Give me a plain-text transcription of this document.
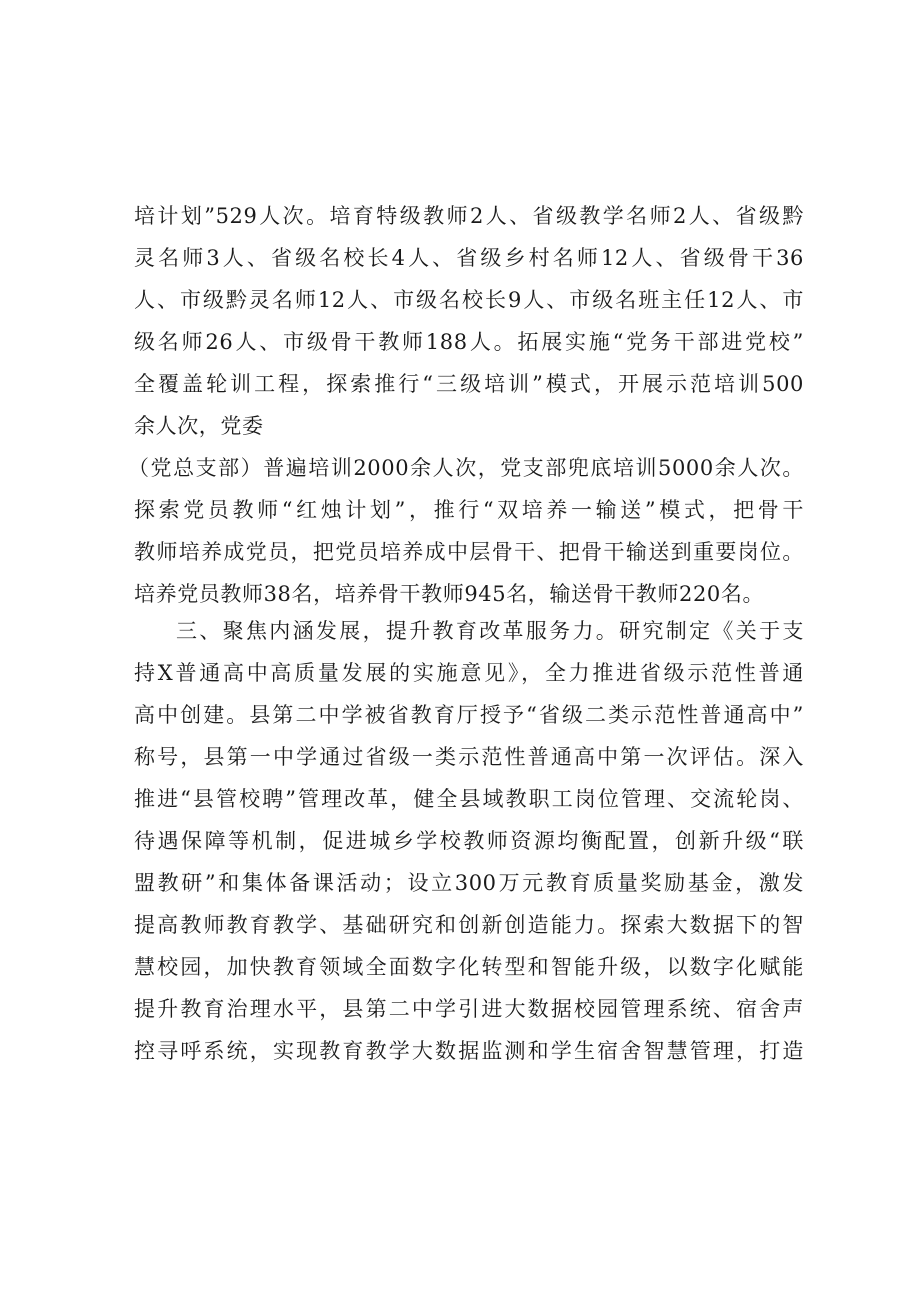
培计划”529人次。培育特级教师2人、省级教学名师2人、省级黔
灵名师3人、省级名校长4人、省级乡村名师12人、省级骨干36
人、市级黔灵名师12人、市级名校长9人、市级名班主任12人、市
级名师26人、市级骨干教师188人。拓展实施“党务干部进党校”
全覆盖轮训工程，探索推行“三级培训”模式，开展示范培训500
余人次，党委
（党总支部）普遍培训2000余人次，党支部兜底培训5000余人次。
探索党员教师“红烛计划”，推行“双培养一输送”模式，把骨干
教师培养成党员，把党员培养成中层骨干、把骨干输送到重要岗位。
培养党员教师38名，培养骨干教师945名，输送骨干教师220名。
三、聚焦内涵发展，提升教育改革服务力。研究制定《关于支
持X普通高中高质量发展的实施意见》，全力推进省级示范性普通
高中创建。县第二中学被省教育厅授予“省级二类示范性普通高中”
称号，县第一中学通过省级一类示范性普通高中第一次评估。深入
推进“县管校聘”管理改革，健全县域教职工岗位管理、交流轮岗、
待遇保障等机制，促进城乡学校教师资源均衡配置，创新升级“联
盟教研”和集体备课活动；设立300万元教育质量奖励基金，激发
提高教师教育教学、基础研究和创新创造能力。探索大数据下的智
慧校园，加快教育领域全面数字化转型和智能升级，以数字化赋能
提升教育治理水平，县第二中学引进大数据校园管理系统、宿舍声
控寻呼系统，实现教育教学大数据监测和学生宿舍智慧管理，打造
